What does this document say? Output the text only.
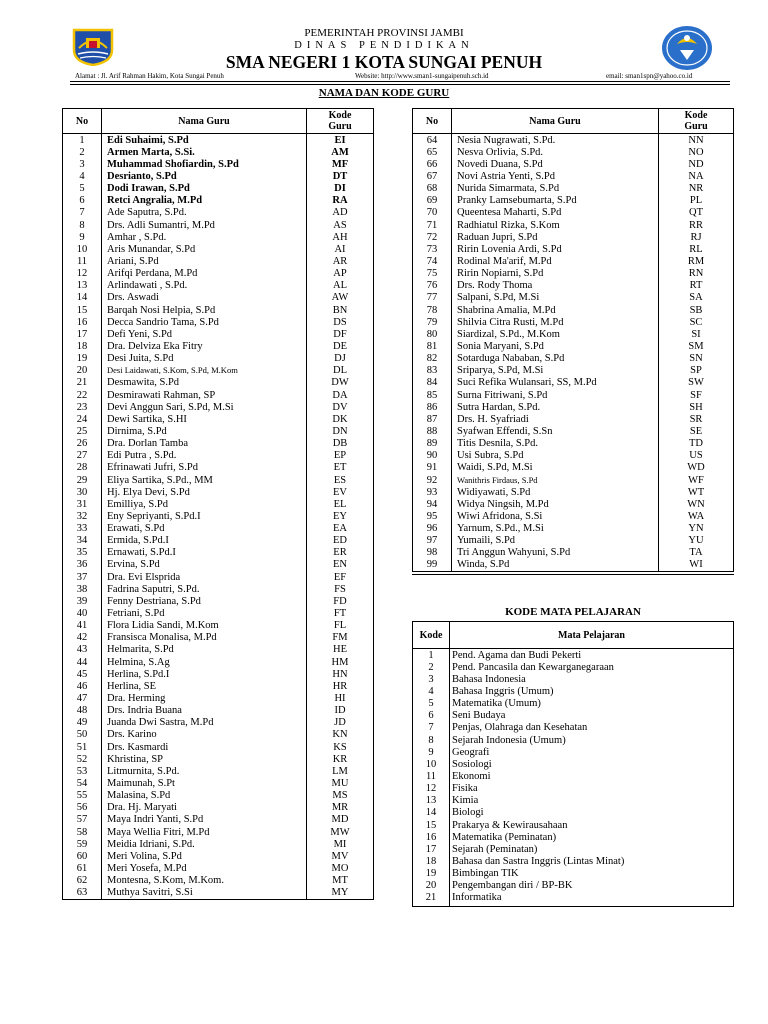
PEMERINTAH PROVINSI JAMBI
DINAS PENDIDIKAN
SMA NEGERI 1 KOTA SUNGAI PENUH
Alamat : Jl. Arif Rahman Hakim, Kota Sungai Penuh	Website: http://www.sman1-sungaipenuh.sch.id	email: sman1spn@yahoo.co.id
NAMA DAN KODE GURU
No	Nama Guru	Kode
Guru
1	Edi Suhaimi, S.Pd	EI
2	Armen Marta, S.Si.	AM
3	Muhammad Shofiardin, S.Pd	MF
4	Desrianto, S.Pd	DT
5	Dodi Irawan, S.Pd	DI
6	Retci Angralia, M.Pd	RA
7	Ade Saputra, S.Pd.	AD
8	Drs. Adli Sumantri, M.Pd	AS
9	Amhar , S.Pd.	AH
10	Aris Munandar, S.Pd	AI
11	Ariani, S.Pd	AR
12	Arifqi Perdana, M.Pd	AP
13	Arlindawati , S.Pd.	AL
14	Drs. Aswadi	AW
15	Barqah Nosi Helpia, S.Pd	BN
16	Decca Sandrio Tama, S.Pd	DS
17	Defi Yeni, S.Pd	DF
18	Dra. Delviza Eka Fitry	DE
19	Desi Juita, S.Pd	DJ
20	Desi Laidawati, S.Kom, S.Pd, M.Kom	DL
21	Desmawita, S.Pd	DW
22	Desmirawati Rahman, SP	DA
23	Devi Anggun Sari, S.Pd, M.Si	DV
24	Dewi Sartika, S.HI	DK
25	Dirnima, S.Pd	DN
26	Dra. Dorlan Tamba	DB
27	Edi Putra , S.Pd.	EP
28	Efrinawati Jufri, S.Pd	ET
29	Eliya Sartika, S.Pd., MM	ES
30	Hj. Elya Devi, S.Pd	EV
31	Emilliya, S.Pd	EL
32	Eny Sepriyanti, S.Pd.I	EY
33	Erawati, S.Pd	EA
34	Ermida, S.Pd.I	ED
35	Ernawati, S.Pd.I	ER
36	Ervina, S.Pd	EN
37	Dra. Evi Elsprida	EF
38	Fadrina Saputri, S.Pd.	FS
39	Fenny Destriana, S.Pd	FD
40	Fetriani, S.Pd	FT
41	Flora Lidia Sandi, M.Kom	FL
42	Fransisca Monalisa, M.Pd	FM
43	Helmarita, S.Pd	HE
44	Helmina, S.Ag	HM
45	Herlina, S.Pd.I	HN
46	Herlina, SE	HR
47	Dra. Herming	HI
48	Drs. Indria Buana	ID
49	Juanda Dwi Sastra, M.Pd	JD
50	Drs. Karino	KN
51	Drs. Kasmardi	KS
52	Khristina, SP	KR
53	Litmurnita, S.Pd.	LM
54	Maimunah, S.Pt	MU
55	Malasina, S.Pd	MS
56	Dra. Hj. Maryati	MR
57	Maya Indri Yanti, S.Pd	MD
58	Maya Wellia Fitri, M.Pd	MW
59	Meidia Idriani, S.Pd.	MI
60	Meri Volina, S.Pd	MV
61	Meri Yosefa, M.Pd	MO
62	Montesna, S.Kom, M.Kom.	MT
63	Muthya Savitri, S.Si	MY
No	Nama Guru	Kode
Guru
64	Nesia Nugrawati, S.Pd.	NN
65	Nesva Orlivia, S.Pd.	NO
66	Novedi Duana, S.Pd	ND
67	Novi Astria Yenti, S.Pd	NA
68	Nurida Simarmata, S.Pd	NR
69	Pranky Lamsebumarta, S.Pd	PL
70	Queentesa Maharti, S.Pd	QT
71	Radhiatul Rizka, S.Kom	RR
72	Raduan Jupri, S.Pd	RJ
73	Ririn Lovenia Ardi, S.Pd	RL
74	Rodinal Ma'arif, M.Pd	RM
75	Ririn Nopiarni, S.Pd	RN
76	Drs. Rody Thoma	RT
77	Salpani, S.Pd, M.Si	SA
78	Shabrina Amalia, M.Pd	SB
79	Shilvia Citra Rusti, M.Pd	SC
80	Siardizal, S.Pd., M.Kom	SI
81	Sonia Maryani, S.Pd	SM
82	Sotarduga Nababan, S.Pd	SN
83	Sriparya, S.Pd, M.Si	SP
84	Suci Refika Wulansari, SS, M.Pd	SW
85	Surna Fitriwani, S.Pd	SF
86	Sutra Hardan, S.Pd.	SH
87	Drs. H. Syafriadi	SR
88	Syafwan Effendi, S.Sn	SE
89	Titis Desnila, S.Pd.	TD
90	Usi Subra, S.Pd	US
91	Waidi, S.Pd, M.Si	WD
92	Wanithris Firdaus, S.Pd	WF
93	Widiyawati, S.Pd	WT
94	Widya Ningsih, M.Pd	WN
95	Wiwi Afridona, S.Si	WA
96	Yarnum, S.Pd., M.Si	YN
97	Yumaili, S.Pd	YU
98	Tri Anggun Wahyuni, S.Pd	TA
99	Winda, S.Pd	WI
KODE MATA PELAJARAN
Kode	Mata Pelajaran
1	Pend. Agama dan Budi Pekerti
2	Pend. Pancasila dan Kewarganegaraan
3	Bahasa Indonesia
4	Bahasa Inggris (Umum)
5	Matematika (Umum)
6	Seni Budaya
7	Penjas, Olahraga dan Kesehatan
8	Sejarah Indonesia (Umum)
9	Geografi
10	Sosiologi
11	Ekonomi
12	Fisika
13	Kimia
14	Biologi
15	Prakarya & Kewirausahaan
16	Matematika (Peminatan)
17	Sejarah (Peminatan)
18	Bahasa dan Sastra Inggris (Lintas Minat)
19	Bimbingan TIK
20	Pengembangan diri / BP-BK
21	Informatika
